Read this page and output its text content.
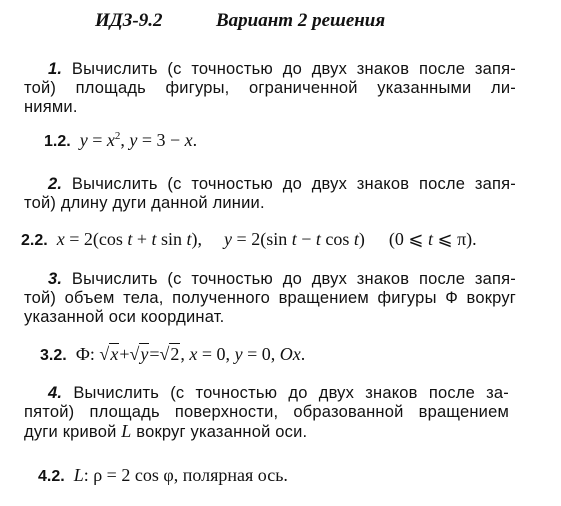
ИДЗ-9.2	Вариант 2 решения
1. Вычислить (с точностью до двух знаков после запя-
той) площадь фигуры, ограниченной указанными ли-
ниями.
1.2. $y = x^2$, y = 3 − x.
2. Вычислить (с точностью до двух знаков после запя-
той) длину дуги данной линии.
2.2. x = 2(cos t + t sin t), y = 2(sin t − t cos t) (0 ⩽ t ⩽ π).
3. Вычислить (с точностью до двух знаков после запя-
той) объем тела, полученного вращением фигуры Ф вокруг
указанной оси координат.
3.2. Ф: √x+√y=√2, x = 0, y = 0, Ox.
4. Вычислить (с точностью до двух знаков после за-
пятой) площадь поверхности, образованной вращением
дуги кривой L вокруг указанной оси.
4.2. L: ρ = 2 cos φ, полярная ось.
